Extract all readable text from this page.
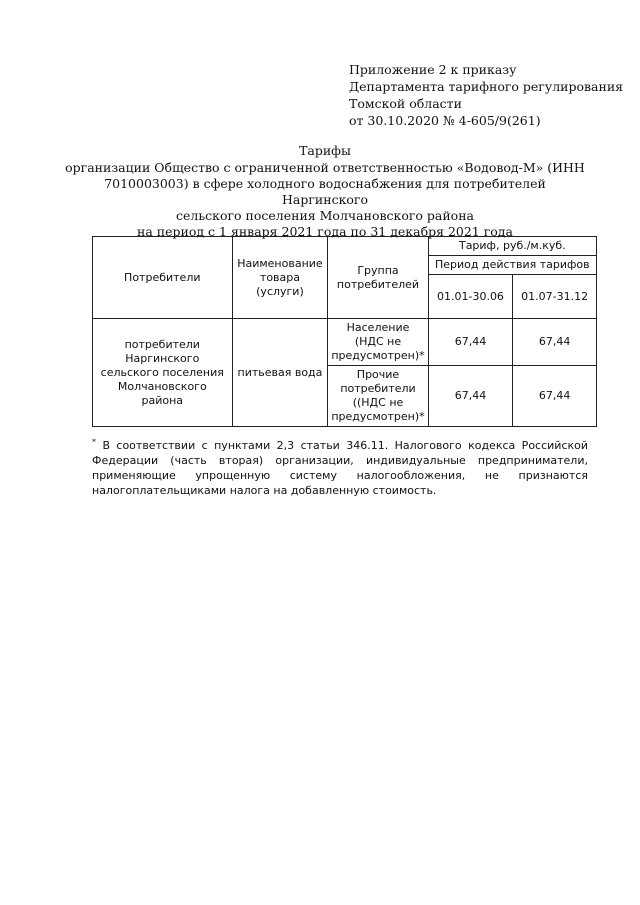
Приложение 2 к приказу
Департамента тарифного регулирования
Томской области
от 30.10.2020 № 4-605/9(261)
Тарифы
организации Общество с ограниченной ответственностью «Водовод-М» (ИНН
7010003003) в сфере холодного водоснабжения для потребителей Наргинского
сельского поселения Молчановского района
на период с 1 января 2021 года по 31 декабря 2021 года
Потребители	Наименование товара (услуги)	Группа потребителей	Тариф, руб./м.куб.	
			Период действия тарифов	
			01.01-30.06	01.07-31.12
потребители Наргинского сельского поселения Молчановского района	питьевая вода	Население (НДС не предусмотрен)*	67,44	67,44
		Прочие потребители ((НДС не предусмотрен)*	67,44	67,44
* В соответствии с пунктами 2,3 статьи 346.11. Налогового кодекса Российской Федерации (часть вторая) организации, индивидуальные предприниматели, применяющие упрощенную систему налогообложения, не признаются налогоплательщиками налога на добавленную стоимость.
